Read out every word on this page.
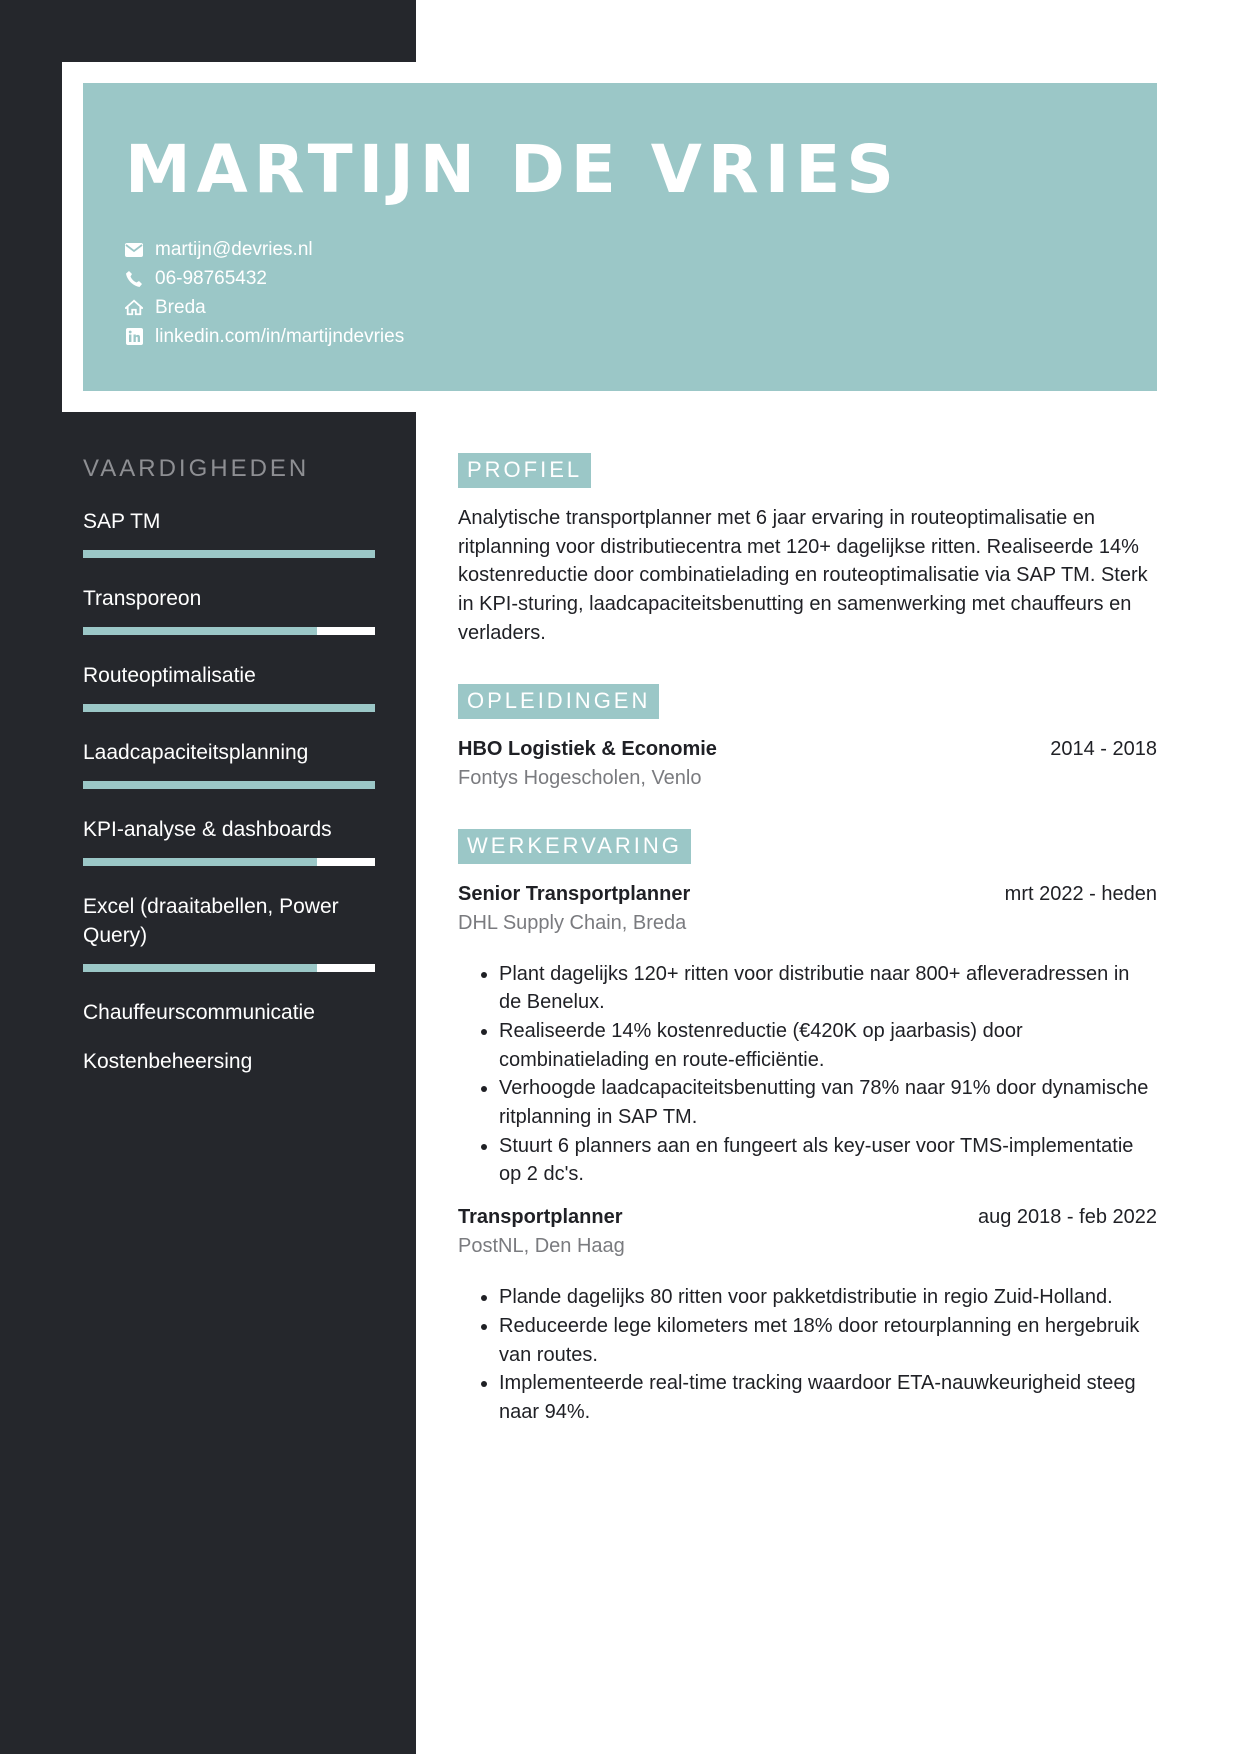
MARTIJN DE VRIES
martijn@devries.nl
06-98765432
Breda
linkedin.com/in/martijndevries
VAARDIGHEDEN
SAP TM
Transporeon
Routeoptimalisatie
Laadcapaciteitsplanning
KPI-analyse & dashboards
Excel (draaitabellen, Power Query)
Chauffeurscommunicatie
Kostenbeheersing
PROFIEL

Analytische transportplanner met 6 jaar ervaring in routeoptimalisatie en ritplanning voor distributiecentra met 120+ dagelijkse ritten. Realiseerde 14% kostenreductie door combinatielading en routeoptimalisatie via SAP TM. Sterk in KPI-sturing, laadcapaciteitsbenutting en samenwerking met chauffeurs en verladers.

OPLEIDINGEN
HBO Logistiek & Economie	2014 - 2018
Fontys Hogescholen, Venlo
WERKERVARING
Senior Transportplanner	mrt 2022 - heden
DHL Supply Chain, Breda
• Plant dagelijks 120+ ritten voor distributie naar 800+ afleveradressen in de Benelux.
• Realiseerde 14% kostenreductie (€420K op jaarbasis) door combinatielading en route-efficiëntie.
• Verhoogde laadcapaciteitsbenutting van 78% naar 91% door dynamische ritplanning in SAP TM.
• Stuurt 6 planners aan en fungeert als key-user voor TMS-implementatie op 2 dc's.
Transportplanner	aug 2018 - feb 2022
PostNL, Den Haag
• Plande dagelijks 80 ritten voor pakketdistributie in regio Zuid-Holland.
• Reduceerde lege kilometers met 18% door retourplanning en hergebruik van routes.
• Implementeerde real-time tracking waardoor ETA-nauwkeurigheid steeg naar 94%.
